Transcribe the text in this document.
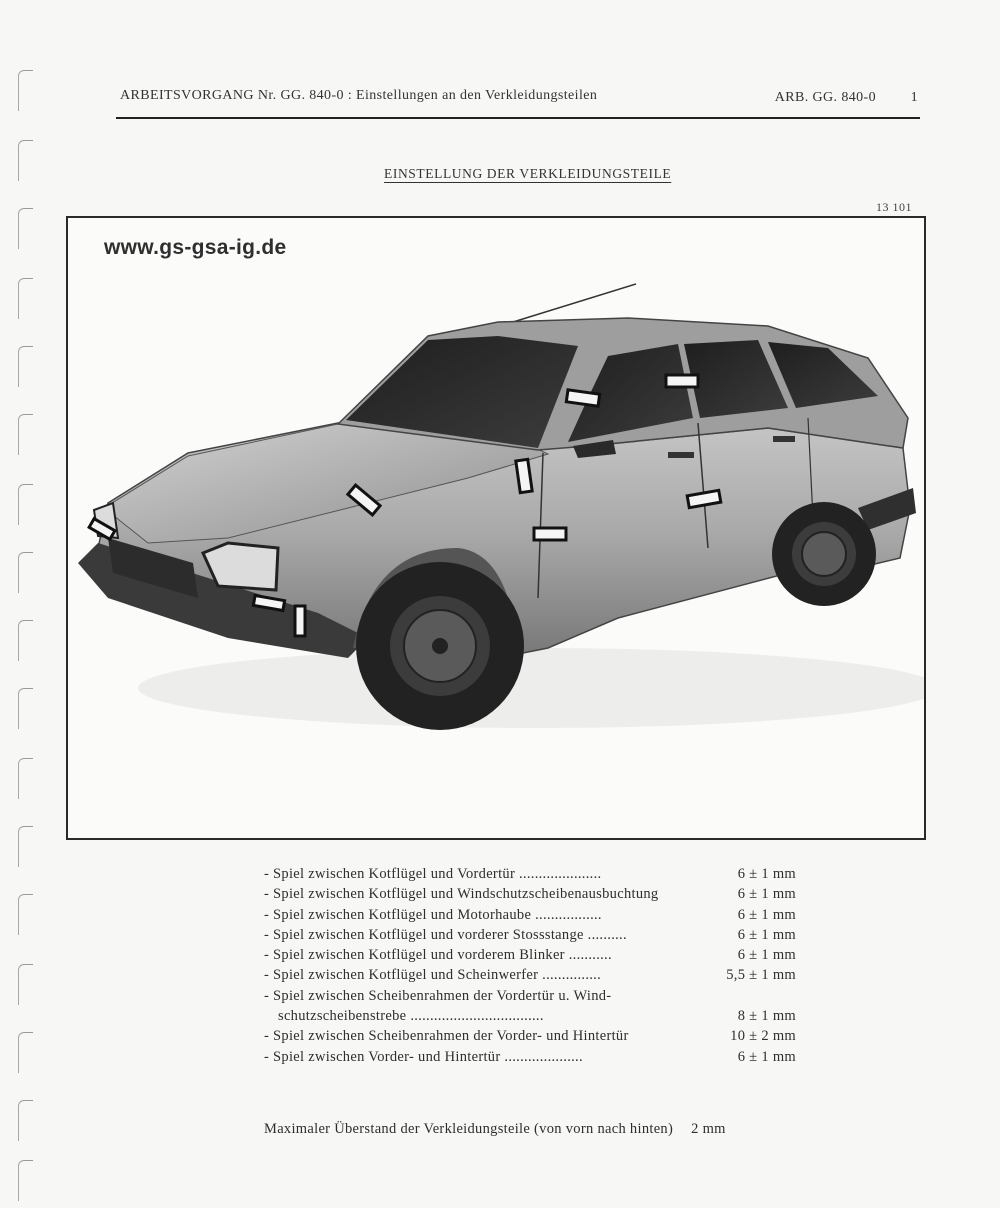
ARBEITSVORGANG Nr. GG. 840-0 : Einstellungen an den Verkleidungsteilen	ARB. GG. 840-0 1
EINSTELLUNG DER VERKLEIDUNGSTEILE
13 101
www.gs-gsa-ig.de
- Spiel zwischen Kotflügel und Vordertür .....................	6 ± 1 mm
- Spiel zwischen Kotflügel und Windschutzscheibenausbuchtung	6 ± 1 mm
- Spiel zwischen Kotflügel und Motorhaube .................	6 ± 1 mm
- Spiel zwischen Kotflügel und vorderer Stossstange ..........	6 ± 1 mm
- Spiel zwischen Kotflügel und vorderem Blinker ...........	6 ± 1 mm
- Spiel zwischen Kotflügel und Scheinwerfer ...............	5,5 ± 1 mm
- Spiel zwischen Scheibenrahmen der Vordertür u. Wind-
schutzscheibenstrebe ..................................	8 ± 1 mm
- Spiel zwischen Scheibenrahmen der Vorder- und Hintertür	10 ± 2 mm
- Spiel zwischen Vorder- und Hintertür ....................	6 ± 1 mm
Maximaler Überstand der Verkleidungsteile (von vorn nach hinten) 2 mm
